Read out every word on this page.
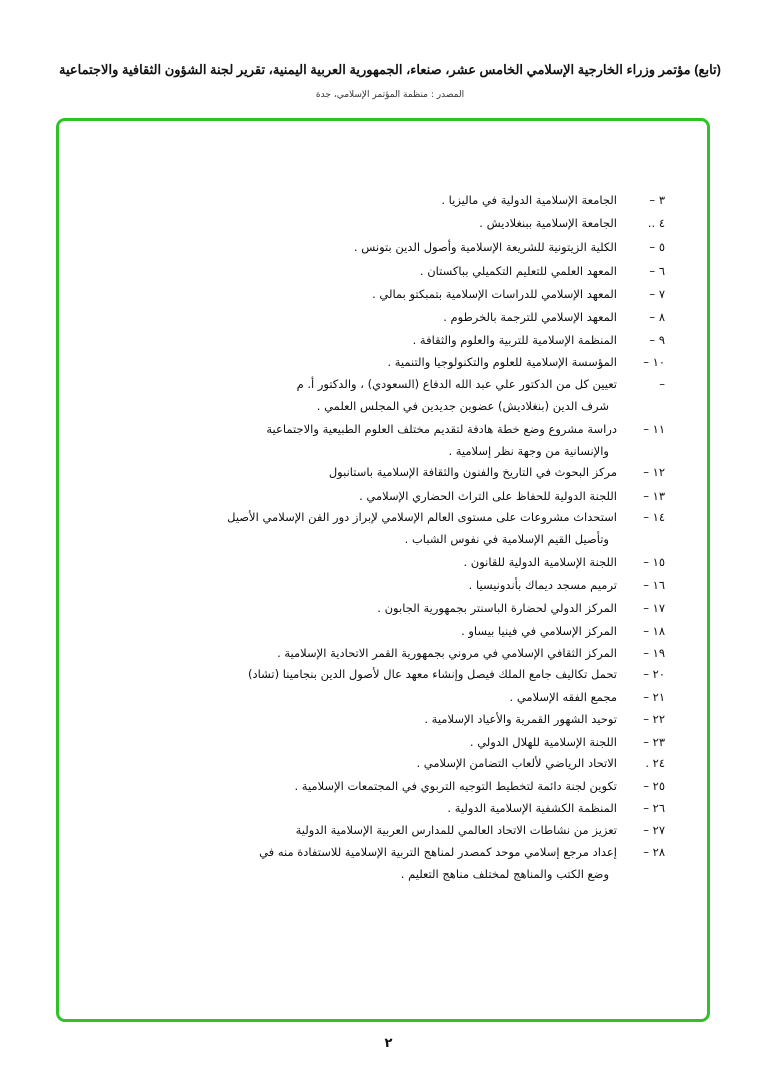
(تابع) مؤتمر وزراء الخارجية الإسلامي الخامس عشر، صنعاء، الجمهورية العربية اليمنية، تقرير لجنة الشؤون الثقافية والاجتماعية
المصدر : منظمة المؤتمر الإسلامي، جدة
٣ –
الجامعة الإسلامية الدولية في ماليزيا .
٤ ..
الجامعة الإسلامية ببنغلاديش .
٥ –
الكلية الزيتونية للشريعة الإسلامية وأصول الدين بتونس .
٦ –
المعهد العلمي للتعليم التكميلي بباكستان .
٧ –
المعهد الإسلامي للدراسات الإسلامية بتمبكتو بمالي .
٨ –
المعهد الإسلامي للترجمة بالخرطوم .
٩ –
المنظمة الإسلامية للتربية والعلوم والثقافة .
١٠ –
المؤسسة الإسلامية للعلوم والتكنولوجيا والتنمية .
–
تعيين كل من الدكتور علي عبد الله الدفاع (السعودي) ، والدكتور أ. م
شرف الدين (بنغلاديش) عضوين جديدين في المجلس العلمي .
١١ –
دراسة مشروع وضع خطة هادفة لتقديم مختلف العلوم الطبيعية والاجتماعية
والإنسانية من وجهة نظر إسلامية .
١٢ –
مركز البحوث في التاريخ والفنون والثقافة الإسلامية باستانبول
١٣ –
اللجنة الدولية للحفاظ على التراث الحضاري الإسلامي .
١٤ –
استحداث مشروعات على مستوى العالم الإسلامي لإبراز دور الفن الإسلامي الأصيل
وتأصيل القيم الإسلامية في نفوس الشباب .
١٥ –
اللجنة الإسلامية الدولية للقانون .
١٦ –
ترميم مسجد ديماك بأندونيسيا .
١٧ –
المركز الدولي لحضارة الباسنتر بجمهورية الجابون .
١٨ –
المركز الإسلامي في فينيا بيساو .
١٩ –
المركز الثقافي الإسلامي في مروني بجمهورية القمر الاتحادية الإسلامية .
٢٠ –
تحمل تكاليف جامع الملك فيصل وإنشاء معهد عال لأصول الدين بنجامينا (تشاد)
٢١ –
مجمع الفقه الإسلامي .
٢٢ –
توحيد الشهور القمرية والأعياد الإسلامية .
٢٣ –
اللجنة الإسلامية للهلال الدولي .
٢٤ .
الاتحاد الرياضي لألعاب التضامن الإسلامي .
٢٥ –
تكوين لجنة دائمة لتخطيط التوجيه التربوي في المجتمعات الإسلامية .
٢٦ –
المنظمة الكشفية الإسلامية الدولية .
٢٧ –
تعزيز من نشاطات الاتحاد العالمي للمدارس العربية الإسلامية الدولية
٢٨ –
إعداد مرجع إسلامي موحد كمصدر لمناهج التربية الإسلامية للاستفادة منه في
وضع الكتب والمناهج لمختلف مناهج التعليم .
٢
